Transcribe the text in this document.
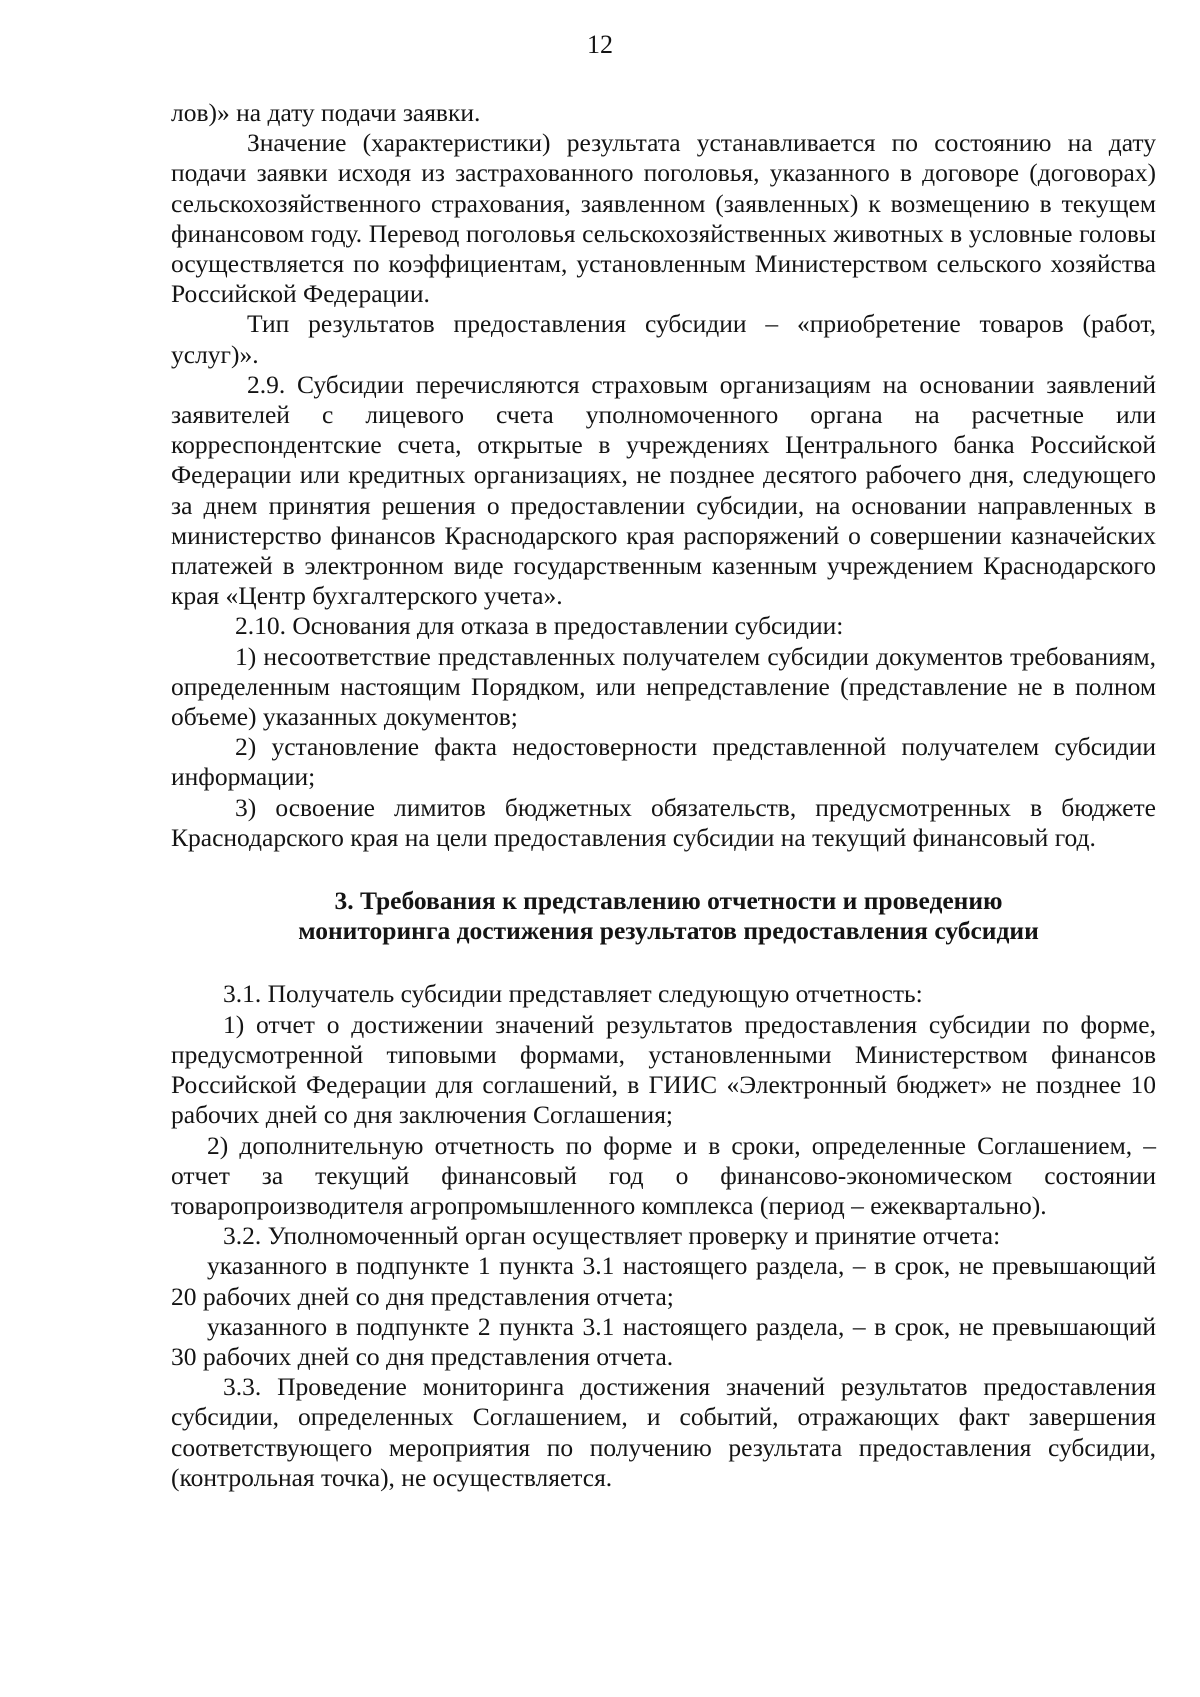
12

лов)» на дату подачи заявки.

Значение (характеристики) результата устанавливается по состоянию на дату подачи заявки исходя из застрахованного поголовья, указанного в договоре (договорах) сельскохозяйственного страхования, заявленном (заявленных) к возмещению в текущем финансовом году. Перевод поголовья сельскохозяйственных животных в условные головы осуществляется по коэффициентам, установленным Министерством сельского хозяйства Российской Федерации.

Тип результатов предоставления субсидии – «приобретение товаров (работ, услуг)».

2.9. Субсидии перечисляются страховым организациям на основании заявлений заявителей с лицевого счета уполномоченного органа на расчетные или корреспондентские счета, открытые в учреждениях Центрального банка Российской Федерации или кредитных организациях, не позднее десятого рабочего дня, следующего за днем принятия решения о предоставлении субсидии, на основании направленных в министерство финансов Краснодарского края распоряжений о совершении казначейских платежей в электронном виде государственным казенным учреждением Краснодарского края «Центр бухгалтерского учета».

2.10. Основания для отказа в предоставлении субсидии:

1) несоответствие представленных получателем субсидии документов требованиям, определенным настоящим Порядком, или непредставление (представление не в полном объеме) указанных документов;

2) установление факта недостоверности представленной получателем субсидии информации;

3) освоение лимитов бюджетных обязательств, предусмотренных в бюджете Краснодарского края на цели предоставления субсидии на текущий финансовый год.

3. Требования к представлению отчетности и проведению

мониторинга достижения результатов предоставления субсидии

3.1. Получатель субсидии представляет следующую отчетность:

1) отчет о достижении значений результатов предоставления субсидии по форме, предусмотренной типовыми формами, установленными Министерством финансов Российской Федерации для соглашений, в ГИИС «Электронный бюджет» не позднее 10 рабочих дней со дня заключения Соглашения;

2) дополнительную отчетность по форме и в сроки, определенные Соглашением, – отчет за текущий финансовый год о финансово-экономическом состоянии товаропроизводителя агропромышленного комплекса (период – ежеквартально).

3.2. Уполномоченный орган осуществляет проверку и принятие отчета:

указанного в подпункте 1 пункта 3.1 настоящего раздела, – в срок, не превышающий 20 рабочих дней со дня представления отчета;

указанного в подпункте 2 пункта 3.1 настоящего раздела, – в срок, не превышающий 30 рабочих дней со дня представления отчета.

3.3. Проведение мониторинга достижения значений результатов предоставления субсидии, определенных Соглашением, и событий, отражающих факт завершения соответствующего мероприятия по получению результата предоставления субсидии, (контрольная точка), не осуществляется.
